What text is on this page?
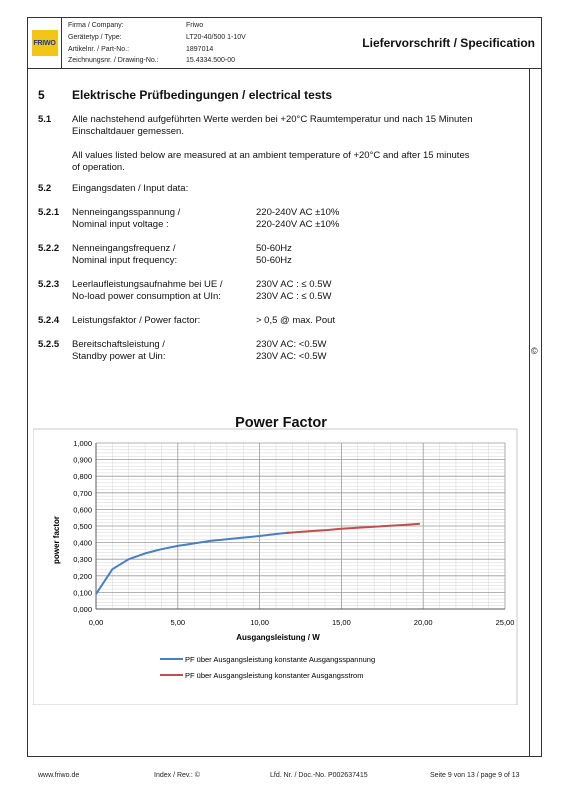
FRIWO
Firma / Company:	Friwo
Gerätetyp / Type:	LT20-40/500 1-10V
Artikelnr. / Part-No.:	1897014
Zeichnungsnr. / Drawing-No.:	15.4334.500-00
Liefervorschrift / Specification
©
5	Elektrische Prüfbedingungen / electrical tests
5.1	Alle nachstehend aufgeführten Werte werden bei +20°C Raumtemperatur und nach 15 Minuten
Einschaltdauer gemessen.
All values listed below are measured at an ambient temperature of +20°C and after 15 minutes
of operation.
5.2	Eingangsdaten / Input data:
5.2.1	Nenneingangsspannung /	220-240V AC ±10%
Nominal input voltage :	220-240V AC ±10%
5.2.2	Nenneingangsfrequenz /	50-60Hz
Nominal input frequency:	50-60Hz
5.2.3	Leerlaufleistungsaufnahme bei UE /	230V AC : ≤ 0.5W
No-load power consumption at UIn:	230V AC : ≤ 0.5W
5.2.4	Leistungsfaktor / Power factor:	> 0,5 @ max. Pout
5.2.5	Bereitschaftsleistung /	230V AC: <0.5W
Standby power at Uin:	230V AC: <0.5W
Power Factor
0,000
0,100
0,200
0,300
0,400
0,500
0,600
0,700
0,800
0,900
1,000
0,00	5,00	10,00	15,00	20,00	25,00
power factor
Ausgangsleistung / W
PF über Ausgangsleistung konstante Ausgangsspannung
PF über Ausgangsleistung konstanter Ausgangsstrom
www.friwo.de	Index / Rev.: ©	Lfd. Nr. / Doc.-No. P002637415	Seite 9 von 13 / page 9 of 13
